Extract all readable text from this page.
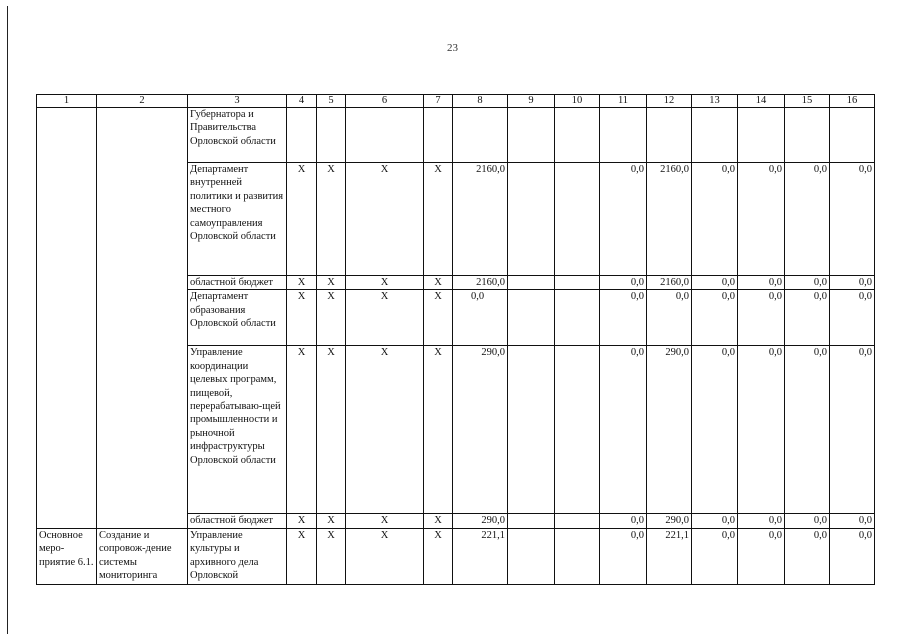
23
1	2	3	4	5	6	7	8	9	10	11	12	13	14	15	16
		Губернатора и Правительства Орловской области													
		Департамент внутренней политики и развития местного самоуправления Орловской области	Х	Х	Х	Х	2160,0			0,0	2160,0	0,0	0,0	0,0	0,0
		областной бюджет	Х	Х	Х	Х	2160,0			0,0	2160,0	0,0	0,0	0,0	0,0
		Департамент образования Орловской области	Х	Х	Х	Х	0,0			0,0	0,0	0,0	0,0	0,0	0,0
		Управление координации целевых программ, пищевой, перерабатываю-щей промышленности и рыночной инфраструктуры Орловской области	Х	Х	Х	Х	290,0			0,0	290,0	0,0	0,0	0,0	0,0
		областной бюджет	Х	Х	Х	Х	290,0			0,0	290,0	0,0	0,0	0,0	0,0
Основное меро-приятие 6.1.	Создание и сопровож-дение системы мониторинга	Управление культуры и архивного дела Орловской	Х	Х	Х	Х	221,1			0,0	221,1	0,0	0,0	0,0	0,0
